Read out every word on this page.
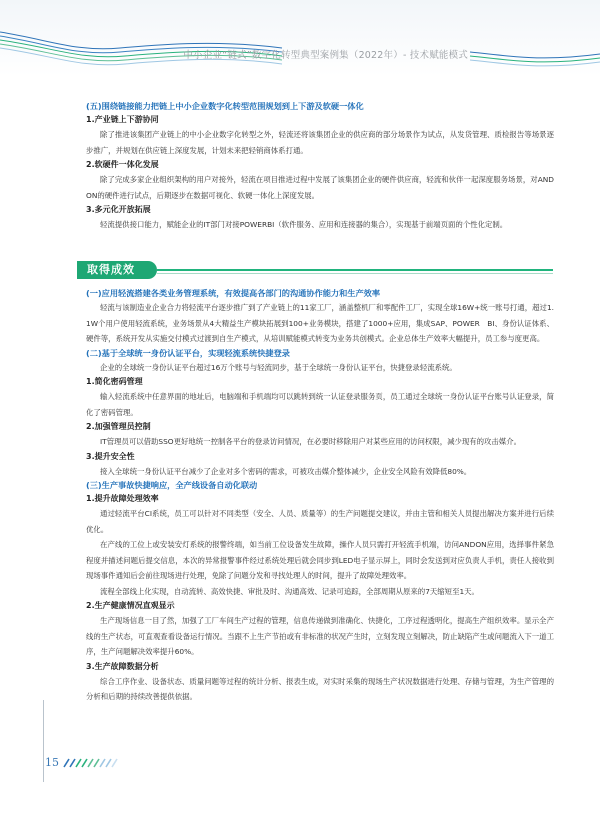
中小企业“链式”数字化转型典型案例集（2022年）- 技术赋能模式
(五)围绕链接能力把链上中小企业数字化转型范围规划到上下游及软硬一体化
1.产业链上下游协同
除了推进该集团产业链上的中小企业数字化转型之外，轻流还将该集团企业的供应商的部分场景作为试点，从发货管理、质检报告等场景逐步推广，并规划在供应链上深度发展，计划未来把轻销商体系打通。
2.软硬件一体化发展
除了完成多家企业组织架构的用户对接外，轻流在项目推进过程中发展了该集团企业的硬件供应商，轻流和伙伴一起深度服务场景，对ANDON的硬件进行试点，后期逐步在数据可视化、软硬一体化上深度发展。
3.多元化开放拓展
轻流提供接口能力，赋能企业的IT部门对接POWERBI（软件服务、应用和连接器的集合），实现基于前端页面的个性化定制。
取得成效
(一)应用轻流搭建各类业务管理系统，有效提高各部门的沟通协作能力和生产效率
轻流与该制造业企业合力将轻流平台逐步推广到了产业链上的11家工厂，涵盖整机厂和零配件工厂，实现全球16W+统一账号打通，超过1.1W个用户使用轻流系统，业务场景从4大精益生产模块拓展到100+业务模块，搭建了1000+应用，集成SAP、POWER　BI、身份认证体系、硬件等，系统开发从实施交付模式过渡到自生产模式，从培训赋能模式转变为业务共创模式。企业总体生产效率大幅提升，员工参与度更高。
(二)基于全球统一身份认证平台，实现轻流系统快捷登录
企业的全球统一身份认证平台超过16万个账号与轻流同步，基于全球统一身份认证平台，快捷登录轻流系统。
1.简化密码管理
输入轻流系统中任意界面的地址后，电脑端和手机端均可以跳转到统一认证登录服务页，员工通过全球统一身份认证平台账号认证登录，简化了密码管理。
2.加强管理员控制
IT管理员可以借助SSO更好地统一控制各平台的登录访问情况，在必要时移除用户对某些应用的访问权限，减少现有的攻击媒介。
3.提升安全性
接入全球统一身份认证平台减少了企业对多个密码的需求，可被攻击媒介整体减少，企业安全风险有效降低80%。
(三)生产事故快捷响应，全产线设备自动化联动
1.提升故障处理效率
通过轻流平台CI系统，员工可以针对不同类型（安全、人员、质量等）的生产问题提交建议，并由主管和相关人员提出解决方案并进行后续优化。
在产线的工位上或安装安灯系统的报警终端，如当前工位设备发生故障，操作人员只需打开轻流手机端，访问ANDON应用，选择事件紧急程度并描述问题后提交信息，本次的异常报警事件经过系统处理后就会同步到LED电子显示屏上，同时会发送到对应负责人手机，责任人接收到现场事件通知后会前往现场进行处理，免除了问题分发和寻找处理人的时间，提升了故障处理效率。
流程全部线上化实现，自动流转、高效快捷、审批及时、沟通高效、记录可追踪，全部周期从原来的7天缩短至1天。
2.生产健康情况直观显示
生产现场信息一目了然，加强了工厂车间生产过程的管理，信息传递做到准确化、快捷化，工序过程透明化，提高生产组织效率。显示全产线的生产状态，可直观查看设备运行情况。当跟不上生产节拍或有非标准的状况产生时，立刻发现立刻解决，防止缺陷产生或问题流入下一道工序，生产问题解决效率提升60%。
3.生产故障数据分析
综合工序作业、设备状态、质量问题等过程的统计分析、报表生成，对实时采集的现场生产状况数据进行处理、存储与管理，为生产管理的分析和后期的持续改善提供依据。
15
